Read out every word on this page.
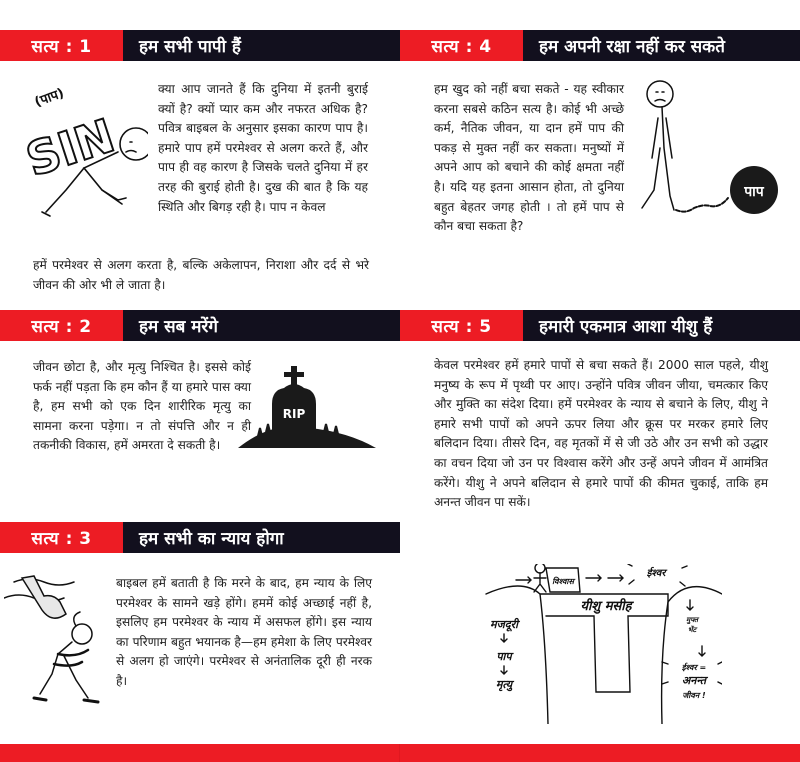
सत्य : 1	हम सभी पापी हैं
(पाप)
SIN

क्या आप जानते हैं कि दुनिया में इतनी बुराई क्यों है? क्यों प्यार कम और नफरत अधिक है? पवित्र बाइबल के अनुसार इसका कारण पाप है। हमारे पाप हमें परमेश्वर से अलग करते हैं, और पाप ही वह कारण है जिसके चलते दुनिया में हर तरह की बुराई होती है। दुख की बात है कि यह स्थिति और बिगड़ रही है। पाप न केवल

हमें परमेश्वर से अलग करता है, बल्कि अकेलापन, निराशा और दर्द से भरे जीवन की ओर भी ले जाता है।

सत्य : 2	हम सब मरेंगे

जीवन छोटा है, और मृत्यु निश्चित है। इससे कोई फर्क नहीं पड़ता कि हम कौन हैं या हमारे पास क्या है, हम सभी को एक दिन शारीरिक मृत्यु का सामना करना पड़ेगा। न तो संपत्ति और न ही तकनीकी विकास, हमें अमरता दे सकती है।

RIP
सत्य : 3	हम सभी का न्याय होगा

बाइबल हमें बताती है कि मरने के बाद, हम न्याय के लिए परमेश्वर के सामने खड़े होंगे। हममें कोई अच्छाई नहीं है, इसलिए हम परमेश्वर के न्याय में असफल होंगे। इस न्याय का परिणाम बहुत भयानक है—हम हमेशा के लिए परमेश्वर से अलग हो जाएंगे। परमेश्वर से अनंतालिक दूरी ही नरक है।

सत्य : 4	हम अपनी रक्षा नहीं कर सकते

हम खुद को नहीं बचा सकते - यह स्वीकार करना सबसे कठिन सत्य है। कोई भी अच्छे कर्म, नैतिक जीवन, या दान हमें पाप की पकड़ से मुक्त नहीं कर सकता। मनुष्यों में अपने आप को बचाने की कोई क्षमता नहीं है। यदि यह इतना आसान होता, तो दुनिया बहुत बेहतर जगह होती । तो हमें पाप से कौन बचा सकता है?

पाप
सत्य : 5	हमारी एकमात्र आशा यीशु हैं

केवल परमेश्वर हमें हमारे पापों से बचा सकते हैं। 2000 साल पहले, यीशु मनुष्य के रूप में पृथ्वी पर आए। उन्होंने पवित्र जीवन जीया, चमत्कार किए और मुक्ति का संदेश दिया। हमें परमेश्वर के न्याय से बचाने के लिए, यीशु ने हमारे सभी पापों को अपने ऊपर लिया और क्रूस पर मरकर हमारे लिए बलिदान दिया। तीसरे दिन, वह मृतकों में से जी उठे और उन सभी को उद्धार का वचन दिया जो उन पर विश्वास करेंगे और उन्हें अपने जीवन में आमंत्रित करेंगे। यीशु ने अपने बलिदान से हमारे पापों की कीमत चुकाई, ताकि हम अनन्त जीवन पा सकें।

विश्वास
यीशु मसीह
ईश्वर
मजदूरी
पाप
मृत्यु
मुफ्त
भेंट
ईश्वर =
अनन्त
जीवन !
